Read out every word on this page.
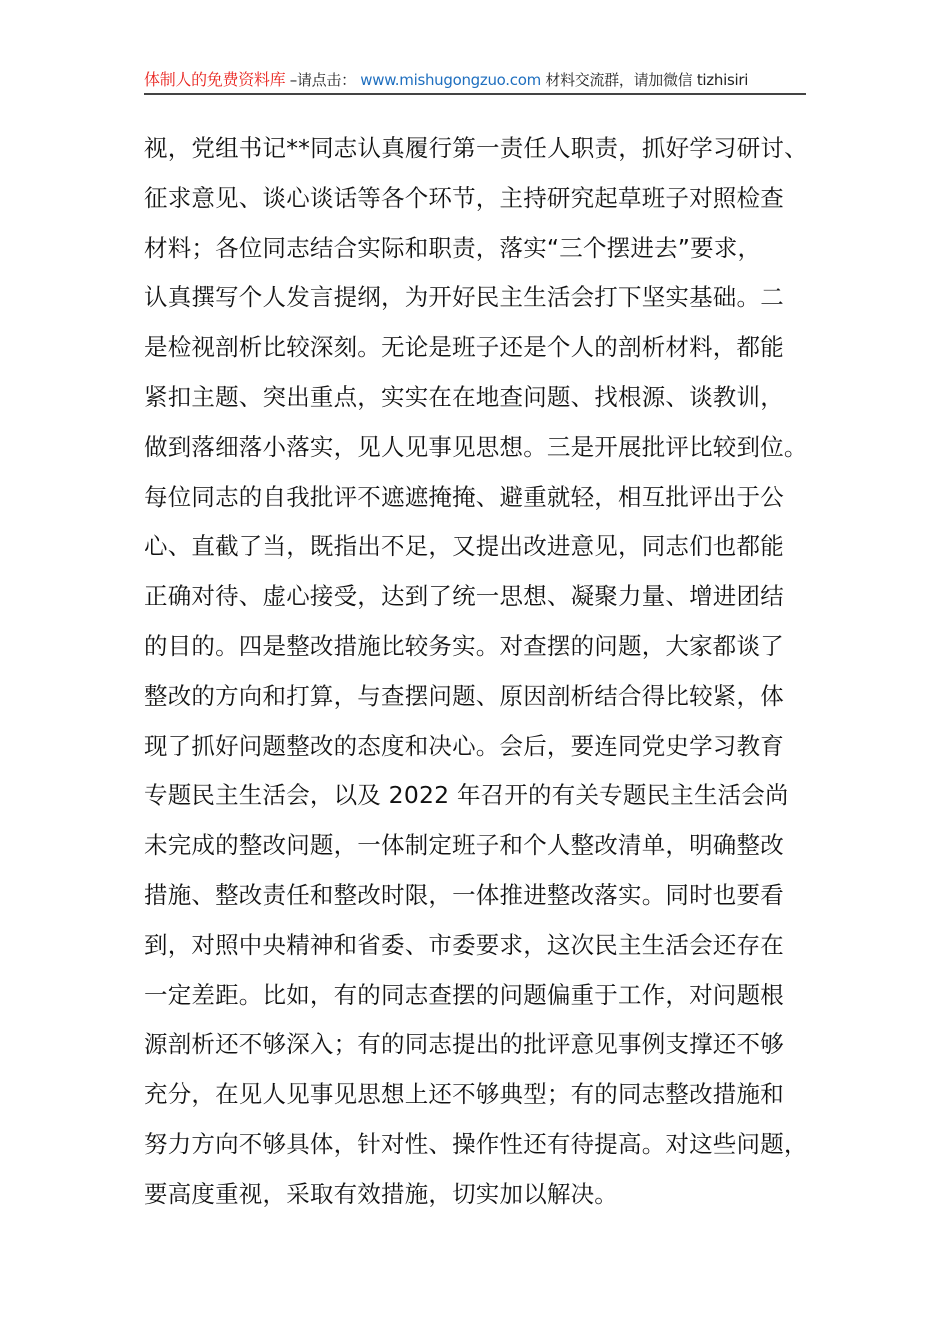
体制人的免费资料库 –请点击： www.mishugongzuo.com 材料交流群，请加微信 tizhisiri
视，党组书记**同志认真履行第一责任人职责，抓好学习研讨、
征求意见、谈心谈话等各个环节，主持研究起草班子对照检查
材料；各位同志结合实际和职责，落实“三个摆进去”要求，
认真撰写个人发言提纲，为开好民主生活会打下坚实基础。二
是检视剖析比较深刻。无论是班子还是个人的剖析材料，都能
紧扣主题、突出重点，实实在在地查问题、找根源、谈教训，
做到落细落小落实，见人见事见思想。三是开展批评比较到位。
每位同志的自我批评不遮遮掩掩、避重就轻，相互批评出于公
心、直截了当，既指出不足，又提出改进意见，同志们也都能
正确对待、虚心接受，达到了统一思想、凝聚力量、增进团结
的目的。四是整改措施比较务实。对查摆的问题，大家都谈了
整改的方向和打算，与查摆问题、原因剖析结合得比较紧，体
现了抓好问题整改的态度和决心。会后，要连同党史学习教育
专题民主生活会，以及 2022 年召开的有关专题民主生活会尚
未完成的整改问题，一体制定班子和个人整改清单，明确整改
措施、整改责任和整改时限，一体推进整改落实。同时也要看
到，对照中央精神和省委、市委要求，这次民主生活会还存在
一定差距。比如，有的同志查摆的问题偏重于工作，对问题根
源剖析还不够深入；有的同志提出的批评意见事例支撑还不够
充分，在见人见事见思想上还不够典型；有的同志整改措施和
努力方向不够具体，针对性、操作性还有待提高。对这些问题，
要高度重视，采取有效措施，切实加以解决。
